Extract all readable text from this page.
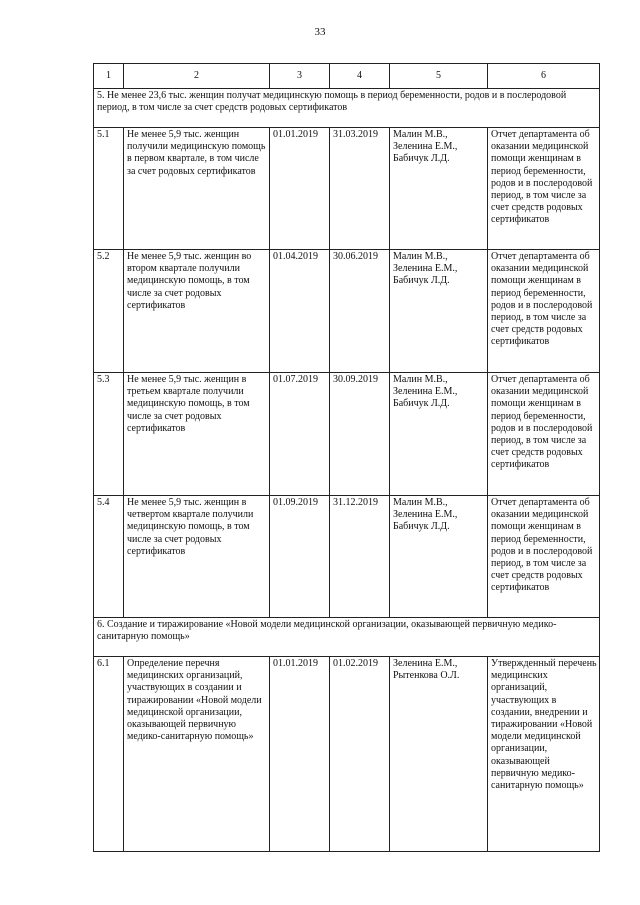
33
1	2	3	4	5	6
5. Не менее 23,6 тыс. женщин получат медицинскую помощь в период беременности, родов и в послеродовой период, в том числе за счет средств родовых сертификатов					
5.1	Не менее 5,9 тыс. женщин получили медицинскую помощь в первом квартале, в том числе за счет родовых сертификатов	01.01.2019	31.03.2019	Малин М.В., Зеленина Е.М., Бабичук Л.Д.	Отчет департамента об оказании медицинской помощи женщинам в период беременности, родов и в послеродовой период, в том числе за счет средств родовых сертификатов
5.2	Не менее 5,9 тыс. женщин во втором квартале получили медицинскую помощь, в том числе за счет родовых сертификатов	01.04.2019	30.06.2019	Малин М.В., Зеленина Е.М., Бабичук Л.Д.	Отчет департамента об оказании медицинской помощи женщинам в период беременности, родов и в послеродовой период, в том числе за счет средств родовых сертификатов
5.3	Не менее 5,9 тыс. женщин в третьем квартале получили медицинскую помощь, в том числе за счет родовых сертификатов	01.07.2019	30.09.2019	Малин М.В., Зеленина Е.М., Бабичук Л.Д.	Отчет департамента об оказании медицинской помощи женщинам в период беременности, родов и в послеродовой период, в том числе за счет средств родовых сертификатов
5.4	Не менее 5,9 тыс. женщин в четвертом квартале получили медицинскую помощь, в том числе за счет родовых сертификатов	01.09.2019	31.12.2019	Малин М.В., Зеленина Е.М., Бабичук Л.Д.	Отчет департамента об оказании медицинской помощи женщинам в период беременности, родов и в послеродовой период, в том числе за счет средств родовых сертификатов
6. Создание и тиражирование «Новой модели медицинской организации, оказывающей первичную медико-санитарную помощь»					
6.1	Определение перечня медицинских организаций, участвующих в создании и тиражировании «Новой модели медицинской организации, оказывающей первичную медико-санитарную помощь»	01.01.2019	01.02.2019	Зеленина Е.М., Рытенкова О.Л.	Утвержденный перечень медицинских организаций, участвующих в создании, внедрении и тиражировании «Новой модели медицинской организации, оказывающей первичную медико-санитарную помощь»
